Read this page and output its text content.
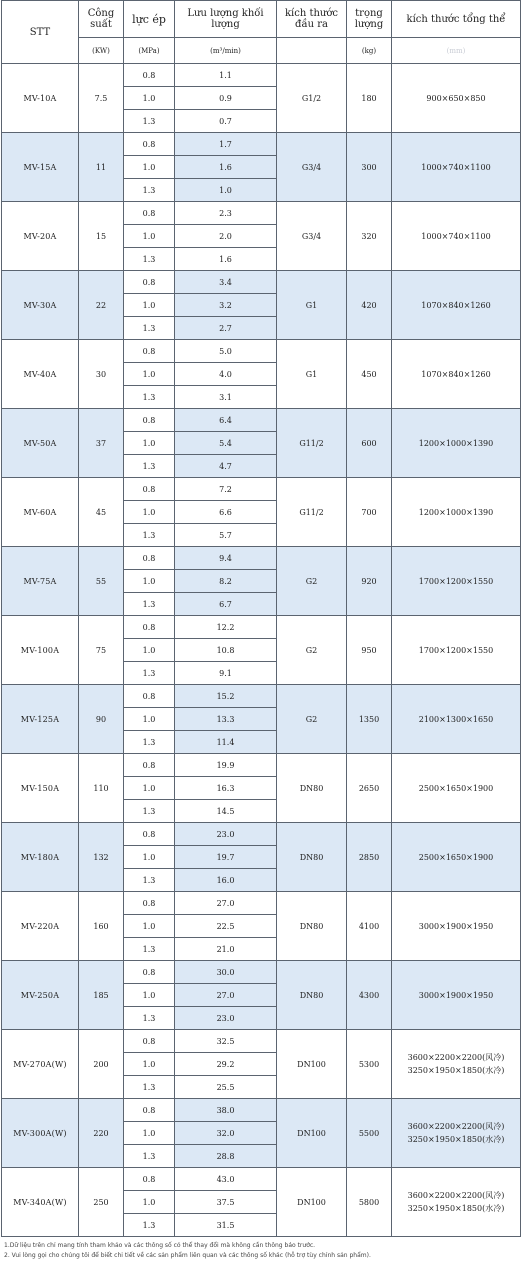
STT	Công suất	lực ép	Lưu lượng khối lượng	kích thước đầu ra	trọng lượng	kích thước tổng thể
	(KW)	(MPa)	(m³/min)		(kg)	(mm)
MV-10A	7.5	0.8	1.1	G1/2	180	900×650×850

		1.0	0.9			
		1.3	0.7			
MV-15A	11	0.8	1.7	G3/4	300	1000×740×1100

		1.0	1.6			
		1.3	1.0			
MV-20A	15	0.8	2.3	G3/4	320	1000×740×1100

		1.0	2.0			
		1.3	1.6			
MV-30A	22	0.8	3.4	G1	420	1070×840×1260

		1.0	3.2			
		1.3	2.7			
MV-40A	30	0.8	5.0	G1	450	1070×840×1260

		1.0	4.0			
		1.3	3.1			
MV-50A	37	0.8	6.4	G11/2	600	1200×1000×1390

		1.0	5.4			
		1.3	4.7			
MV-60A	45	0.8	7.2	G11/2	700	1200×1000×1390

		1.0	6.6			
		1.3	5.7			
MV-75A	55	0.8	9.4	G2	920	1700×1200×1550

		1.0	8.2			
		1.3	6.7			
MV-100A	75	0.8	12.2	G2	950	1700×1200×1550

		1.0	10.8			
		1.3	9.1			
MV-125A	90	0.8	15.2	G2	1350	2100×1300×1650

		1.0	13.3			
		1.3	11.4			
MV-150A	110	0.8	19.9	DN80	2650	2500×1650×1900

		1.0	16.3			
		1.3	14.5			
MV-180A	132	0.8	23.0	DN80	2850	2500×1650×1900

		1.0	19.7			
		1.3	16.0			
MV-220A	160	0.8	27.0	DN80	4100	3000×1900×1950

		1.0	22.5			
		1.3	21.0			
MV-250A	185	0.8	30.0	DN80	4300	3000×1900×1950

		1.0	27.0			
		1.3	23.0			
MV-270A(W)	200	0.8	32.5	DN100	5300	3600×2200×2200(风冷)
3250×1950×1850(水冷)

		1.0	29.2			
		1.3	25.5			
MV-300A(W)	220	0.8	38.0	DN100	5500	3600×2200×2200(风冷)
3250×1950×1850(水冷)

		1.0	32.0			
		1.3	28.8			
MV-340A(W)	250	0.8	43.0	DN100	5800	3600×2200×2200(风冷)
3250×1950×1850(水冷)

		1.0	37.5			
		1.3	31.5			
1.Dữ liệu trên chỉ mang tính tham khảo và các thông số có thể thay đổi mà không cần thông báo trước.
2. Vui lòng gọi cho chúng tôi để biết chi tiết về các sản phẩm liên quan và các thông số khác (hỗ trợ tùy chỉnh sản phẩm).
